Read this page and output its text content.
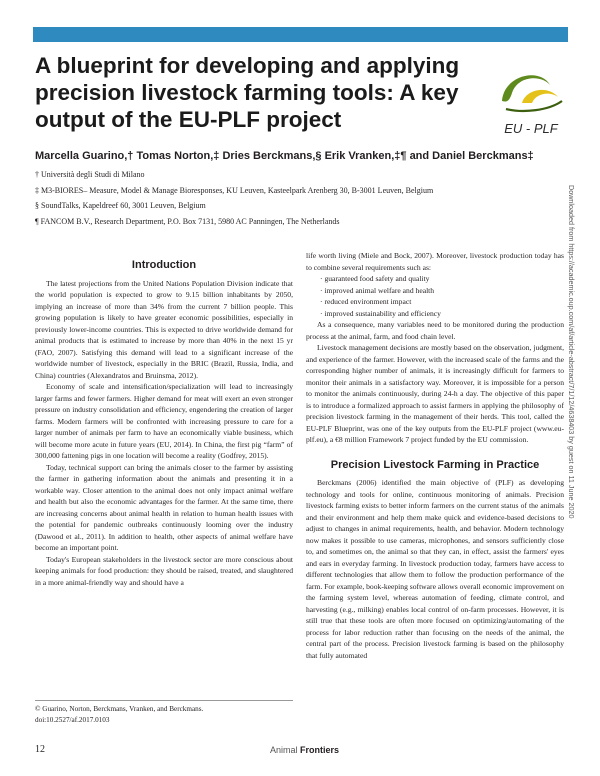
A blueprint for developing and applying precision livestock farming tools: A key output of the EU-PLF project	EU - PLF
Marcella Guarino,† Tomas Norton,‡ Dries Berckmans,§ Erik Vranken,‡¶ and Daniel Berckmans‡
† Università degli Studi di Milano
‡ M3-BIORES– Measure, Model & Manage Bioresponses, KU Leuven, Kasteelpark Arenberg 30, B-3001 Leuven, Belgium
§ SoundTalks, Kapeldreef 60, 3001 Leuven, Belgium
¶ FANCOM B.V., Research Department, P.O. Box 7131, 5980 AC Panningen, The Netherlands	Downloaded from https://academic.oup.com/af/article-abstract/7/1/12/4638403 by guest on 11 June 2020
Introduction

The latest projections from the United Nations Population Division indicate that the world population is expected to grow to 9.15 billion inhabitants by 2050, implying an increase of more than 34% from the current 7 billion people. This growing population is likely to have greater economic possibilities, especially in previously lower-income countries. This is expected to drive worldwide demand for animal products that is estimated to increase by more than 40% in the next 15 yr (FAO, 2007). Satisfying this demand will lead to a significant increase of the worldwide number of livestock, especially in the BRIC (Brazil, Russia, India, and China) countries (Alexandratos and Bruinsma, 2012).

Economy of scale and intensification/specialization will lead to increasingly larger farms and fewer farmers. Higher demand for meat will exert an even stronger pressure on industry consolidation and efficiency, engendering the creation of larger farms. Modern farmers will be confronted with increasing pressure to care for a larger number of animals per farm to have an economically viable business, which will become more acute in future years (EU, 2014). In China, the first pig “farm” of 300,000 fattening pigs in one location will become a reality (Godfrey, 2015).

Today, technical support can bring the animals closer to the farmer by assisting the farmer in gathering information about the animals and presenting it in a workable way. Closer attention to the animal does not only impact animal welfare and health but also the economic advantages for the farmer. At the same time, there are increasing concerns about animal health in relation to human health issues with the potential for pandemic outbreaks continuously looming over the industry (Dawood et al., 2011). In addition to health, other aspects of animal welfare have become an important point.

Today's European stakeholders in the livestock sector are more conscious about keeping animals for food production: they should be raised, treated, and slaughtered in a more animal-friendly way and should have a

life worth living (Miele and Bock, 2007). Moreover, livestock production today has to combine several requirements such as:

· guaranteed food safety and quality
· improved animal welfare and health
· reduced environment impact
· improved sustainability and efficiency

As a consequence, many variables need to be monitored during the production process at the animal, farm, and food chain level.

Livestock management decisions are mostly based on the observation, judgment, and experience of the farmer. However, with the increased scale of the farms and the corresponding higher number of animals, it is increasingly difficult for farmers to monitor their animals in a satisfactory way. Moreover, it is impossible for a person to monitor the animals continuously, during 24-h a day. The objective of this paper is to introduce a formalized approach to assist farmers in applying the philosophy of precision livestock farming in the management of their herds. This tool, called the EU-PLF Blueprint, was one of the key outputs from the EU-PLF project (www.eu-plf.eu), a €8 million Framework 7 project funded by the EU commission.

Precision Livestock Farming in Practice

Berckmans (2006) identified the main objective of (PLF) as developing technology and tools for online, continuous monitoring of animals. Precision livestock farming exists to better inform farmers on the current status of the animals and their environment and help them make quick and evidence-based decisions to adjust to changes in animal requirements, health, and behavior. Modern technology now makes it possible to use cameras, microphones, and sensors sufficiently close to, and sometimes on, the animal so that they can, in effect, assist the farmers' eyes and ears in everyday farming. In livestock production today, farmers have access to different technologies that allow them to follow the production performance of the farm. For example, book-keeping software allows overall economic improvement on the farming system level, whereas automation of feeding, climate control, and harvesting (e.g., milking) enables local control of on-farm processes. However, it is still true that these tools are often more focused on optimizing/automating of the process for labor reduction rather than focusing on the needs of the animal, the central part of the process. Precision livestock farming is based on the philosophy that fully automated

© Guarino, Norton, Berckmans, Vranken, and Berckmans.
doi:10.2527/af.2017.0103
12	Animal Frontiers
